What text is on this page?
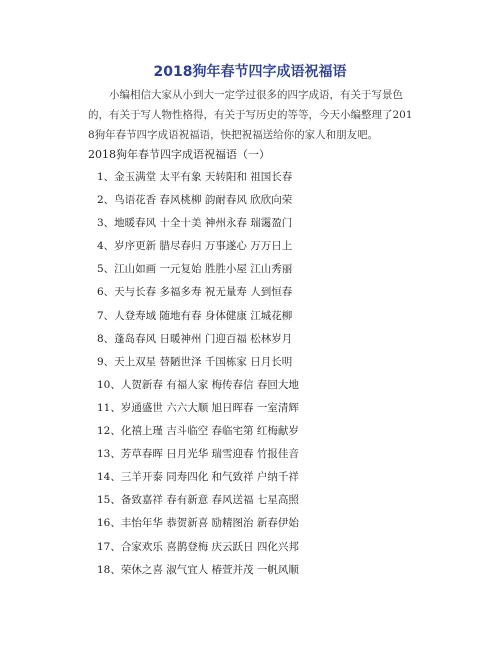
2018狗年春节四字成语祝福语
小编相信大家从小到大一定学过很多的四字成语，有关于写景色的，有关于写人物性格得，有关于写历史的等等，今天小编整理了2018狗年春节四字成语祝福语，快把祝福送给你的家人和朋友吧。
2018狗年春节四字成语祝福语（一）
1、金玉满堂 太平有象 天转阳和 祖国长春
2、鸟语花香 春风桃柳 韵耐春风 欣欣向荣
3、地暖春风 十全十美 神州永春 瑞霭盈门
4、岁序更新 腊尽春归 万事遂心 万万日上
5、江山如画 一元复始 胜胜小屋 江山秀丽
6、天与长春 多福多寿 祝无量寿 人到恒春
7、人登寿域 随地有春 身体健康 江城花柳
8、蓬岛春风 日暖神州 门迎百福 松林岁月
9、天上双星 替陋世泽 千国栋家 日月长明
10、人贺新春 有福人家 梅传春信 春回大地
11、岁通盛世 六六大顺 旭日晖春 一室清辉
12、化禧上瑾 吉斗临空 春临宅第 红梅献岁
13、芳草春晖 日月光华 瑞雪迎春 竹报佳音
14、三羊开泰 同寿四化 和气致祥 户纳千祥
15、备致嘉祥 春有新意 春风送福 七星高照
16、丰怡年华 恭贺新喜 励精图治 新春伊始
17、合家欢乐 喜鹊登梅 庆云跃日 四化兴邦
18、荣休之喜 淑气宜人 椿萱并茂 一帆风顺
